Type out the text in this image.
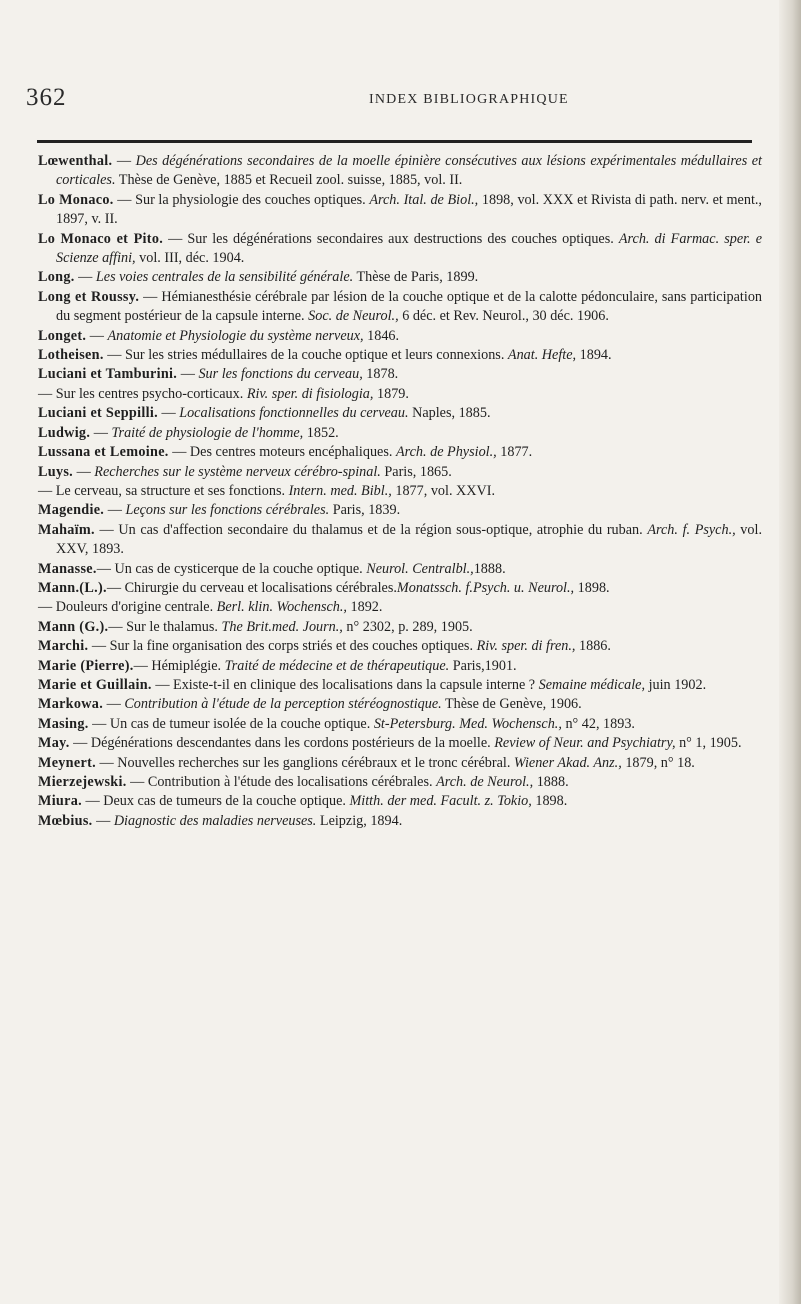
362	INDEX BIBLIOGRAPHIQUE

Lœwenthal. — Des dégénérations secondaires de la moelle épinière consécutives aux lésions expérimentales médullaires et corticales. Thèse de Genève, 1885 et Recueil zool. suisse, 1885, vol. II.

Lo Monaco. — Sur la physiologie des couches optiques. Arch. Ital. de Biol., 1898, vol. XXX et Rivista di path. nerv. et ment., 1897, v. II.

Lo Monaco et Pito. — Sur les dégénérations secondaires aux destructions des couches optiques. Arch. di Farmac. sper. e Scienze affini, vol. III, déc. 1904.

Long. — Les voies centrales de la sensibilité générale. Thèse de Paris, 1899.

Long et Roussy. — Hémianesthésie cérébrale par lésion de la couche optique et de la calotte pédonculaire, sans participation du segment postérieur de la capsule interne. Soc. de Neurol., 6 déc. et Rev. Neurol., 30 déc. 1906.

Longet. — Anatomie et Physiologie du système nerveux, 1846.

Lotheisen. — Sur les stries médullaires de la couche optique et leurs connexions. Anat. Hefte, 1894.

Luciani et Tamburini. — Sur les fonctions du cerveau, 1878.

— Sur les centres psycho-corticaux. Riv. sper. di fisiologia, 1879.

Luciani et Seppilli. — Localisations fonctionnelles du cerveau. Naples, 1885.

Ludwig. — Traité de physiologie de l'homme, 1852.

Lussana et Lemoine. — Des centres moteurs encéphaliques. Arch. de Physiol., 1877.

Luys. — Recherches sur le système nerveux cérébro-spinal. Paris, 1865.

— Le cerveau, sa structure et ses fonctions. Intern. med. Bibl., 1877, vol. XXVI.

Magendie. — Leçons sur les fonctions cérébrales. Paris, 1839.

Mahaïm. — Un cas d'affection secondaire du thalamus et de la région sous-optique, atrophie du ruban. Arch. f. Psych., vol. XXV, 1893.

Manasse.— Un cas de cysticerque de la couche optique. Neurol. Centralbl.,1888.

Mann.(L.).— Chirurgie du cerveau et localisations cérébrales.Monatssch. f.Psych. u. Neurol., 1898.

— Douleurs d'origine centrale. Berl. klin. Wochensch., 1892.

Mann (G.).— Sur le thalamus. The Brit.med. Journ., n° 2302, p. 289, 1905.

Marchi. — Sur la fine organisation des corps striés et des couches optiques. Riv. sper. di fren., 1886.

Marie (Pierre).— Hémiplégie. Traité de médecine et de thérapeutique. Paris,1901.

Marie et Guillain. — Existe-t-il en clinique des localisations dans la capsule interne ? Semaine médicale, juin 1902.

Markowa. — Contribution à l'étude de la perception stéréognostique. Thèse de Genève, 1906.

Masing. — Un cas de tumeur isolée de la couche optique. St-Petersburg. Med. Wochensch., n° 42, 1893.

May. — Dégénérations descendantes dans les cordons postérieurs de la moelle. Review of Neur. and Psychiatry, n° 1, 1905.

Meynert. — Nouvelles recherches sur les ganglions cérébraux et le tronc cérébral. Wiener Akad. Anz., 1879, n° 18.

Mierzejewski. — Contribution à l'étude des localisations cérébrales. Arch. de Neurol., 1888.

Miura. — Deux cas de tumeurs de la couche optique. Mitth. der med. Facult. z. Tokio, 1898.

Mœbius. — Diagnostic des maladies nerveuses. Leipzig, 1894.
